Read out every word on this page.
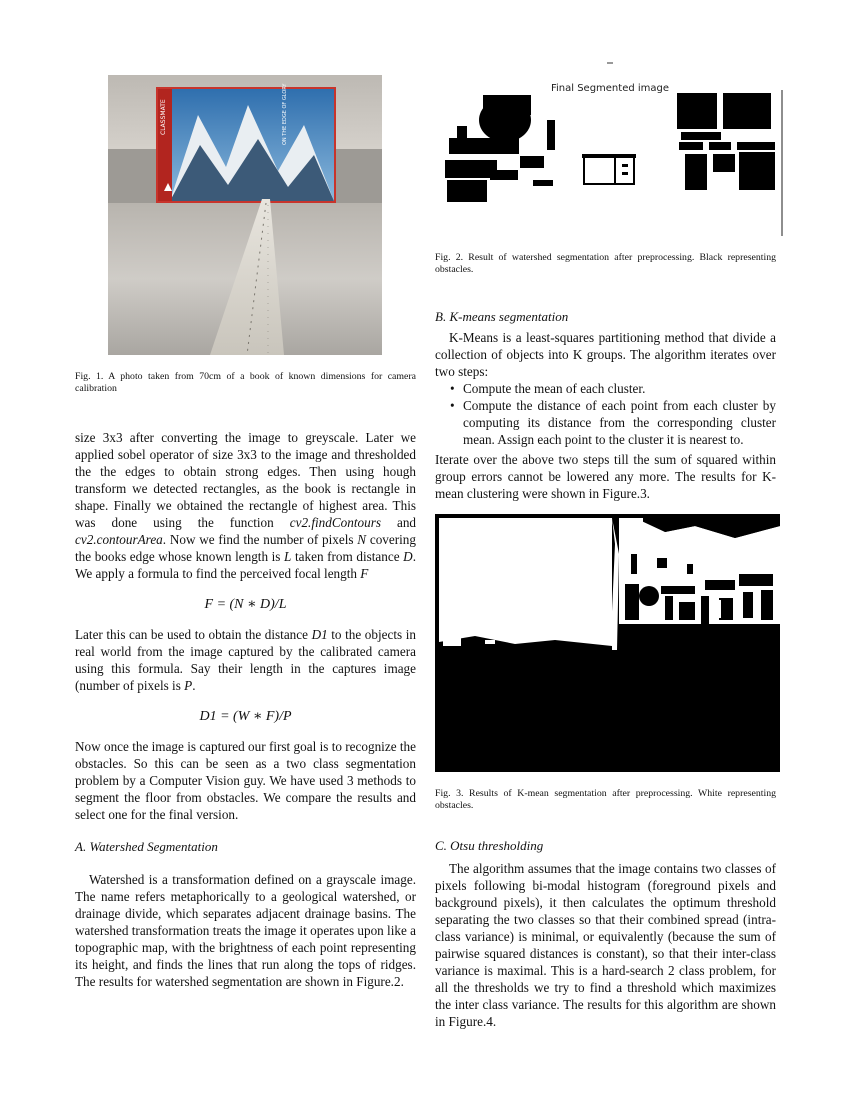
CLASSMATE	ON THE EDGE OF GLORY

Fig. 1. A photo taken from 70cm of a book of known dimensions for camera calibration

size 3x3 after converting the image to greyscale. Later we applied sobel operator of size 3x3 to the image and thresholded the the edges to obtain strong edges. Then using hough transform we detected rectangles, as the book is rectangle in shape. Finally we obtained the rectangle of highest area. This was done using the function cv2.findContours and cv2.contourArea. Now we find the number of pixels N covering the books edge whose known length is L taken from distance D. We apply a formula to find the perceived focal length F

F = (N ∗ D)/L

Later this can be used to obtain the distance D1 to the objects in real world from the image captured by the calibrated camera using this formula. Say their length in the captures image (number of pixels is P.

D1 = (W ∗ F)/P

Now once the image is captured our first goal is to recognize the obstacles. So this can be seen as a two class segmentation problem by a Computer Vision guy. We have used 3 methods to segment the floor from obstacles. We compare the results and select one for the final version.

A. Watershed Segmentation

Watershed is a transformation defined on a grayscale image. The name refers metaphorically to a geological watershed, or drainage divide, which separates adjacent drainage basins. The watershed transformation treats the image it operates upon like a topographic map, with the brightness of each point representing its height, and finds the lines that run along the tops of ridges. The results for watershed segmentation are shown in Figure.2.

Final Segmented image

Fig. 2. Result of watershed segmentation after preprocessing. Black representing obstacles.

B. K-means segmentation

K-Means is a least-squares partitioning method that divide a collection of objects into K groups. The algorithm iterates over two steps:

• Compute the mean of each cluster.
• Compute the distance of each point from each cluster by computing its distance from the corresponding cluster mean. Assign each point to the cluster it is nearest to.

Iterate over the above two steps till the sum of squared within group errors cannot be lowered any more. The results for K-mean clustering were shown in Figure.3.

Fig. 3. Results of K-mean segmentation after preprocessing. White representing obstacles.

C. Otsu thresholding

The algorithm assumes that the image contains two classes of pixels following bi-modal histogram (foreground pixels and background pixels), it then calculates the optimum threshold separating the two classes so that their combined spread (intra-class variance) is minimal, or equivalently (because the sum of pairwise squared distances is constant), so that their inter-class variance is maximal. This is a hard-search 2 class problem, for all the thresholds we try to find a threshold which maximizes the inter class variance. The results for this algorithm are shown in Figure.4.
